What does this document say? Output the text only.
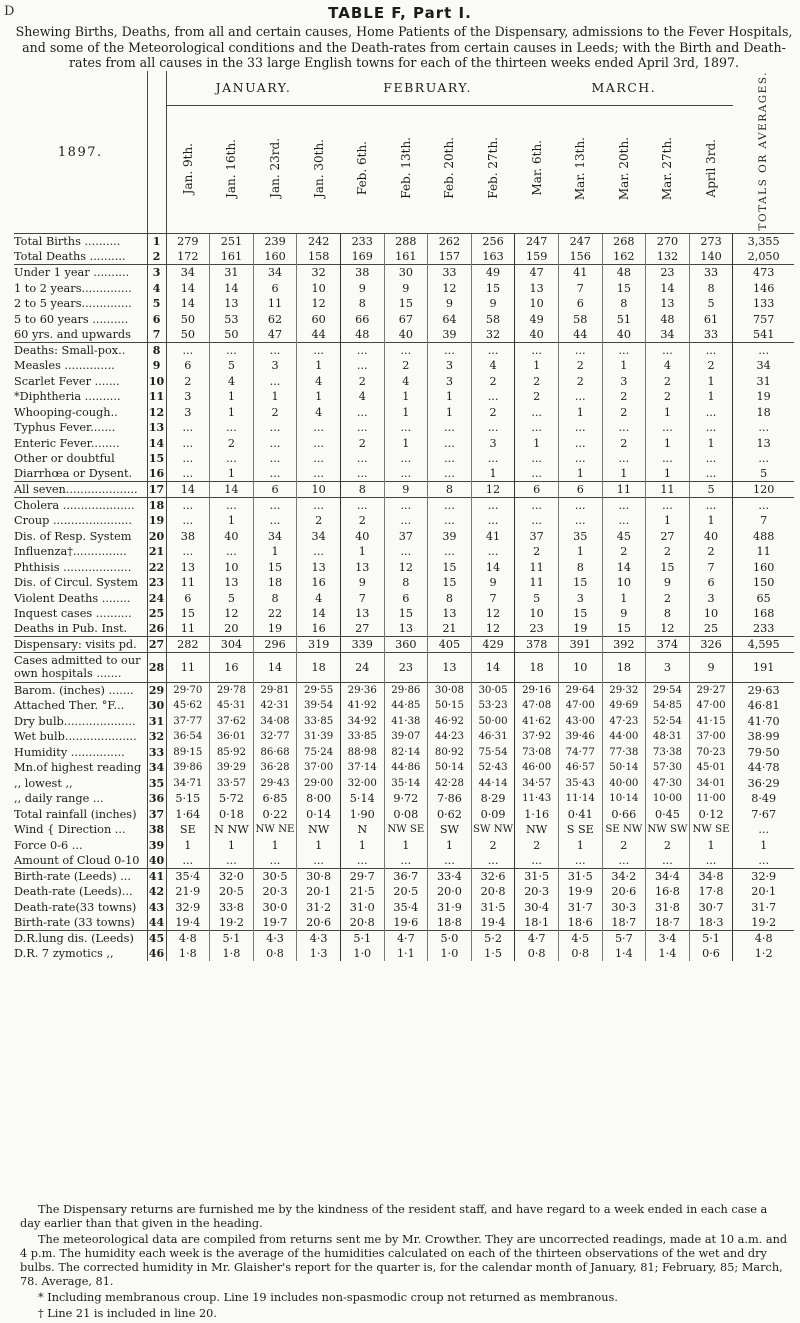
D	TABLE F, Part I.
Shewing Births, Deaths, from all and certain causes, Home Patients of the Dispensary, admissions to the Fever Hospitals, and some of the Meteorological conditions and the Death-rates from certain causes in Leeds; with the Birth and Death-rates from all causes in the 33 large English towns for each of the thirteen weeks ended April 3rd, 1897.
1897.		JANUARY.				FEBRUARY.				MARCH.					TOTALS OR AVERAGES.
		Jan. 9th.	Jan. 16th.	Jan. 23rd.	Jan. 30th.	Feb. 6th.	Feb. 13th.	Feb. 20th.	Feb. 27th.	Mar. 6th.	Mar. 13th.	Mar. 20th.	Mar. 27th.	April 3rd.	
Total Births ..........	1	279	251	239	242	233	288	262	256	247	247	268	270	273	3,355
Total Deaths ..........	2	172	161	160	158	169	161	157	163	159	156	162	132	140	2,050
Under 1 year ..........	3	34	31	34	32	38	30	33	49	47	41	48	23	33	473
1 to 2 years..............	4	14	14	6	10	9	9	12	15	13	7	15	14	8	146
2 to 5 years..............	5	14	13	11	12	8	15	9	9	10	6	8	13	5	133
5 to 60 years ..........	6	50	53	62	60	66	67	64	58	49	58	51	48	61	757
60 yrs. and upwards	7	50	50	47	44	48	40	39	32	40	44	40	34	33	541
Deaths: Small-pox..	8	...	...	...	...	...	...	...	...	...	...	...	...	...	...
Measles ..............	9	6	5	3	1	...	2	3	4	1	2	1	4	2	34
Scarlet Fever .......	10	2	4	...	4	2	4	3	2	2	2	3	2	1	31
*Diphtheria ..........	11	3	1	1	1	4	1	1	...	2	...	2	2	1	19
Whooping-cough..	12	3	1	2	4	...	1	1	2	...	1	2	1	...	18
Typhus Fever.......	13	...	...	...	...	...	...	...	...	...	...	...	...	...	...
Enteric Fever........	14	...	2	...	...	2	1	...	3	1	...	2	1	1	13
Other or doubtful	15	...	...	...	...	...	...	...	...	...	...	...	...	...	...
Diarrhœa or Dysent.	16	...	1	...	...	...	...	...	1	...	1	1	1	...	5
All seven....................	17	14	14	6	10	8	9	8	12	6	6	11	11	5	120
Cholera ....................	18	...	...	...	...	...	...	...	...	...	...	...	...	...	...
Croup ......................	19	...	1	...	2	2	...	...	...	...	...	...	1	1	7
Dis. of Resp. System	20	38	40	34	34	40	37	39	41	37	35	45	27	40	488
Influenza†...............	21	...	...	1	...	1	...	...	...	2	1	2	2	2	11
Phthisis ...................	22	13	10	15	13	13	12	15	14	11	8	14	15	7	160
Dis. of Circul. System	23	11	13	18	16	9	8	15	9	11	15	10	9	6	150
Violent Deaths ........	24	6	5	8	4	7	6	8	7	5	3	1	2	3	65
Inquest cases ..........	25	15	12	22	14	13	15	13	12	10	15	9	8	10	168
Deaths in Pub. Inst.	26	11	20	19	16	27	13	21	12	23	19	15	12	25	233
Dispensary: visits pd.	27	282	304	296	319	339	360	405	429	378	391	392	374	326	4,595
Cases admitted to our own hospitals .......	28	11	16	14	18	24	23	13	14	18	10	18	3	9	191
Barom. (inches) .......	29	29·70	29·78	29·81	29·55	29·36	29·86	30·08	30·05	29·16	29·64	29·32	29·54	29·27	29·63
Attached Ther. °F...	30	45·62	45·31	42·31	39·54	41·92	44·85	50·15	53·23	47·08	47·00	49·69	54·85	47·00	46·81
Dry bulb....................	31	37·77	37·62	34·08	33·85	34·92	41·38	46·92	50·00	41·62	43·00	47·23	52·54	41·15	41·70
Wet bulb....................	32	36·54	36·01	32·77	31·39	33·85	39·07	44·23	46·31	37·92	39·46	44·00	48·31	37·00	38·99
Humidity ...............	33	89·15	85·92	86·68	75·24	88·98	82·14	80·92	75·54	73·08	74·77	77·38	73·38	70·23	79·50
Mn.of highest reading	34	39·86	39·29	36·28	37·00	37·14	44·86	50·14	52·43	46·00	46·57	50·14	57·30	45·01	44·78
,, lowest ,,	35	34·71	33·57	29·43	29·00	32·00	35·14	42·28	44·14	34·57	35·43	40·00	47·30	34·01	36·29
,, daily range ...	36	5·15	5·72	6·85	8·00	5·14	9·72	7·86	8·29	11·43	11·14	10·14	10·00	11·00	8·49
Total rainfall (inches)	37	1·64	0·18	0·22	0·14	1·90	0·08	0·62	0·09	1·16	0·41	0·66	0·45	0·12	7·67
Wind { Direction ...	38	SE	N NW	NW NE	NW	N	NW SE	SW	SW NW	NW	S SE	SE NW	NW SW	NW SE	...
Force 0-6 ...	39	1	1	1	1	1	1	1	2	2	1	2	2	1	1
Amount of Cloud 0-10	40	...	...	...	...	...	...	...	...	...	...	...	...	...	...
Birth-rate (Leeds) ...	41	35·4	32·0	30·5	30·8	29·7	36·7	33·4	32·6	31·5	31·5	34·2	34·4	34·8	32·9
Death-rate (Leeds)...	42	21·9	20·5	20·3	20·1	21·5	20·5	20·0	20·8	20·3	19·9	20·6	16·8	17·8	20·1
Death-rate(33 towns)	43	32·9	33·8	30·0	31·2	31·0	35·4	31·9	31·5	30·4	31·7	30·3	31·8	30·7	31·7
Birth-rate (33 towns)	44	19·4	19·2	19·7	20·6	20·8	19·6	18·8	19·4	18·1	18·6	18·7	18·7	18·3	19·2
D.R.lung dis. (Leeds)	45	4·8	5·1	4·3	4·3	5·1	4·7	5·0	5·2	4·7	4·5	5·7	3·4	5·1	4·8
D.R. 7 zymotics ,,	46	1·8	1·8	0·8	1·3	1·0	1·1	1·0	1·5	0·8	0·8	1·4	1·4	0·6	1·2

The Dispensary returns are furnished me by the kindness of the resident staff, and have regard to a week ended in each case a day earlier than that given in the heading.

The meteorological data are compiled from returns sent me by Mr. Crowther. They are uncorrected readings, made at 10 a.m. and 4 p.m. The humidity each week is the average of the humidities calculated on each of the thirteen observations of the wet and dry bulbs. The corrected humidity in Mr. Glaisher's report for the quarter is, for the calendar month of January, 81; February, 85; March, 78. Average, 81.

* Including membranous croup. Line 19 includes non-spasmodic croup not returned as membranous.

† Line 21 is included in line 20.
